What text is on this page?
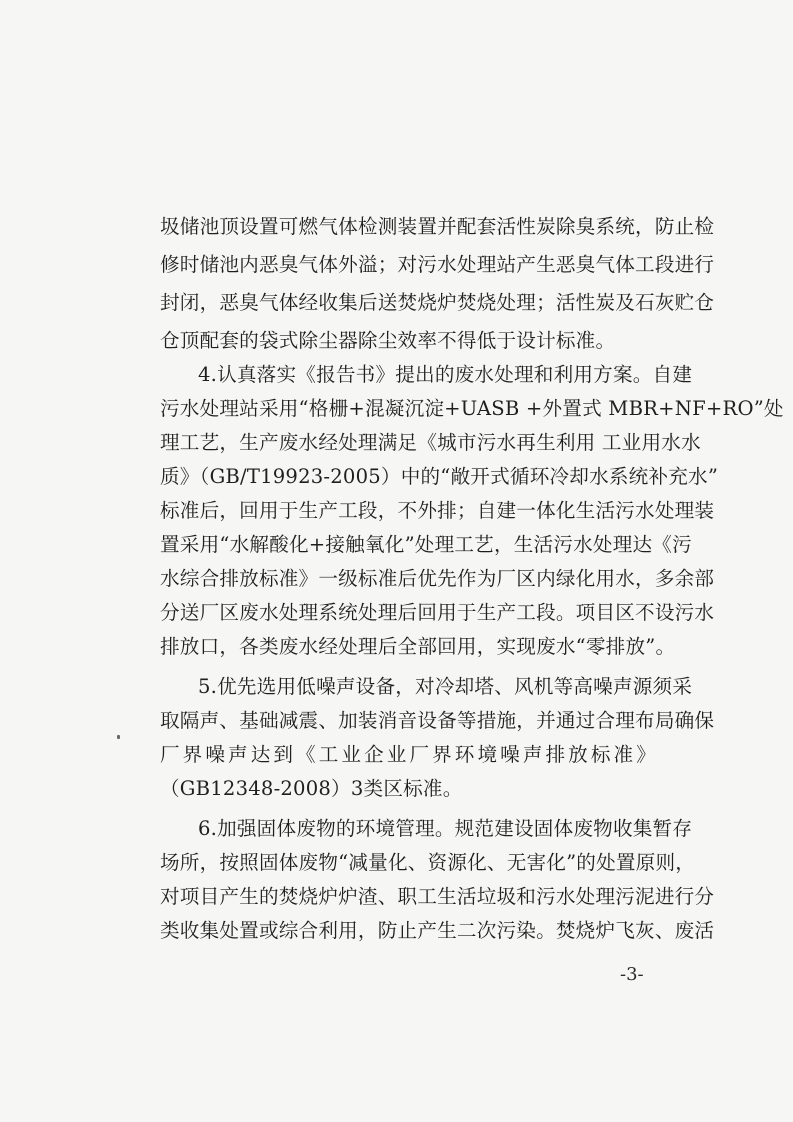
圾储池顶设置可燃气体检测装置并配套活性炭除臭系统，防止检
修时储池内恶臭气体外溢；对污水处理站产生恶臭气体工段进行
封闭，恶臭气体经收集后送焚烧炉焚烧处理；活性炭及石灰贮仓
仓顶配套的袋式除尘器除尘效率不得低于设计标准。
4.认真落实《报告书》提出的废水处理和利用方案。自建
污水处理站采用“格栅+混凝沉淀+UASB +外置式 MBR+NF+RO”处
理工艺，生产废水经处理满足《城市污水再生利用 工业用水水
质》（GB/T19923-2005）中的“敞开式循环冷却水系统补充水”
标准后，回用于生产工段，不外排；自建一体化生活污水处理装
置采用“水解酸化+接触氧化”处理工艺，生活污水处理达《污
水综合排放标准》一级标准后优先作为厂区内绿化用水，多余部
分送厂区废水处理系统处理后回用于生产工段。项目区不设污水
排放口，各类废水经处理后全部回用，实现废水“零排放”。
5.优先选用低噪声设备，对冷却塔、风机等高噪声源须采
取隔声、基础减震、加装消音设备等措施，并通过合理布局确保
厂界噪声达到《工业企业厂界环境噪声排放标准》
（GB12348-2008）3类区标准。
6.加强固体废物的环境管理。规范建设固体废物收集暂存
场所，按照固体废物“减量化、资源化、无害化”的处置原则，
对项目产生的焚烧炉炉渣、职工生活垃圾和污水处理污泥进行分
类收集处置或综合利用，防止产生二次污染。焚烧炉飞灰、废活
-3-
